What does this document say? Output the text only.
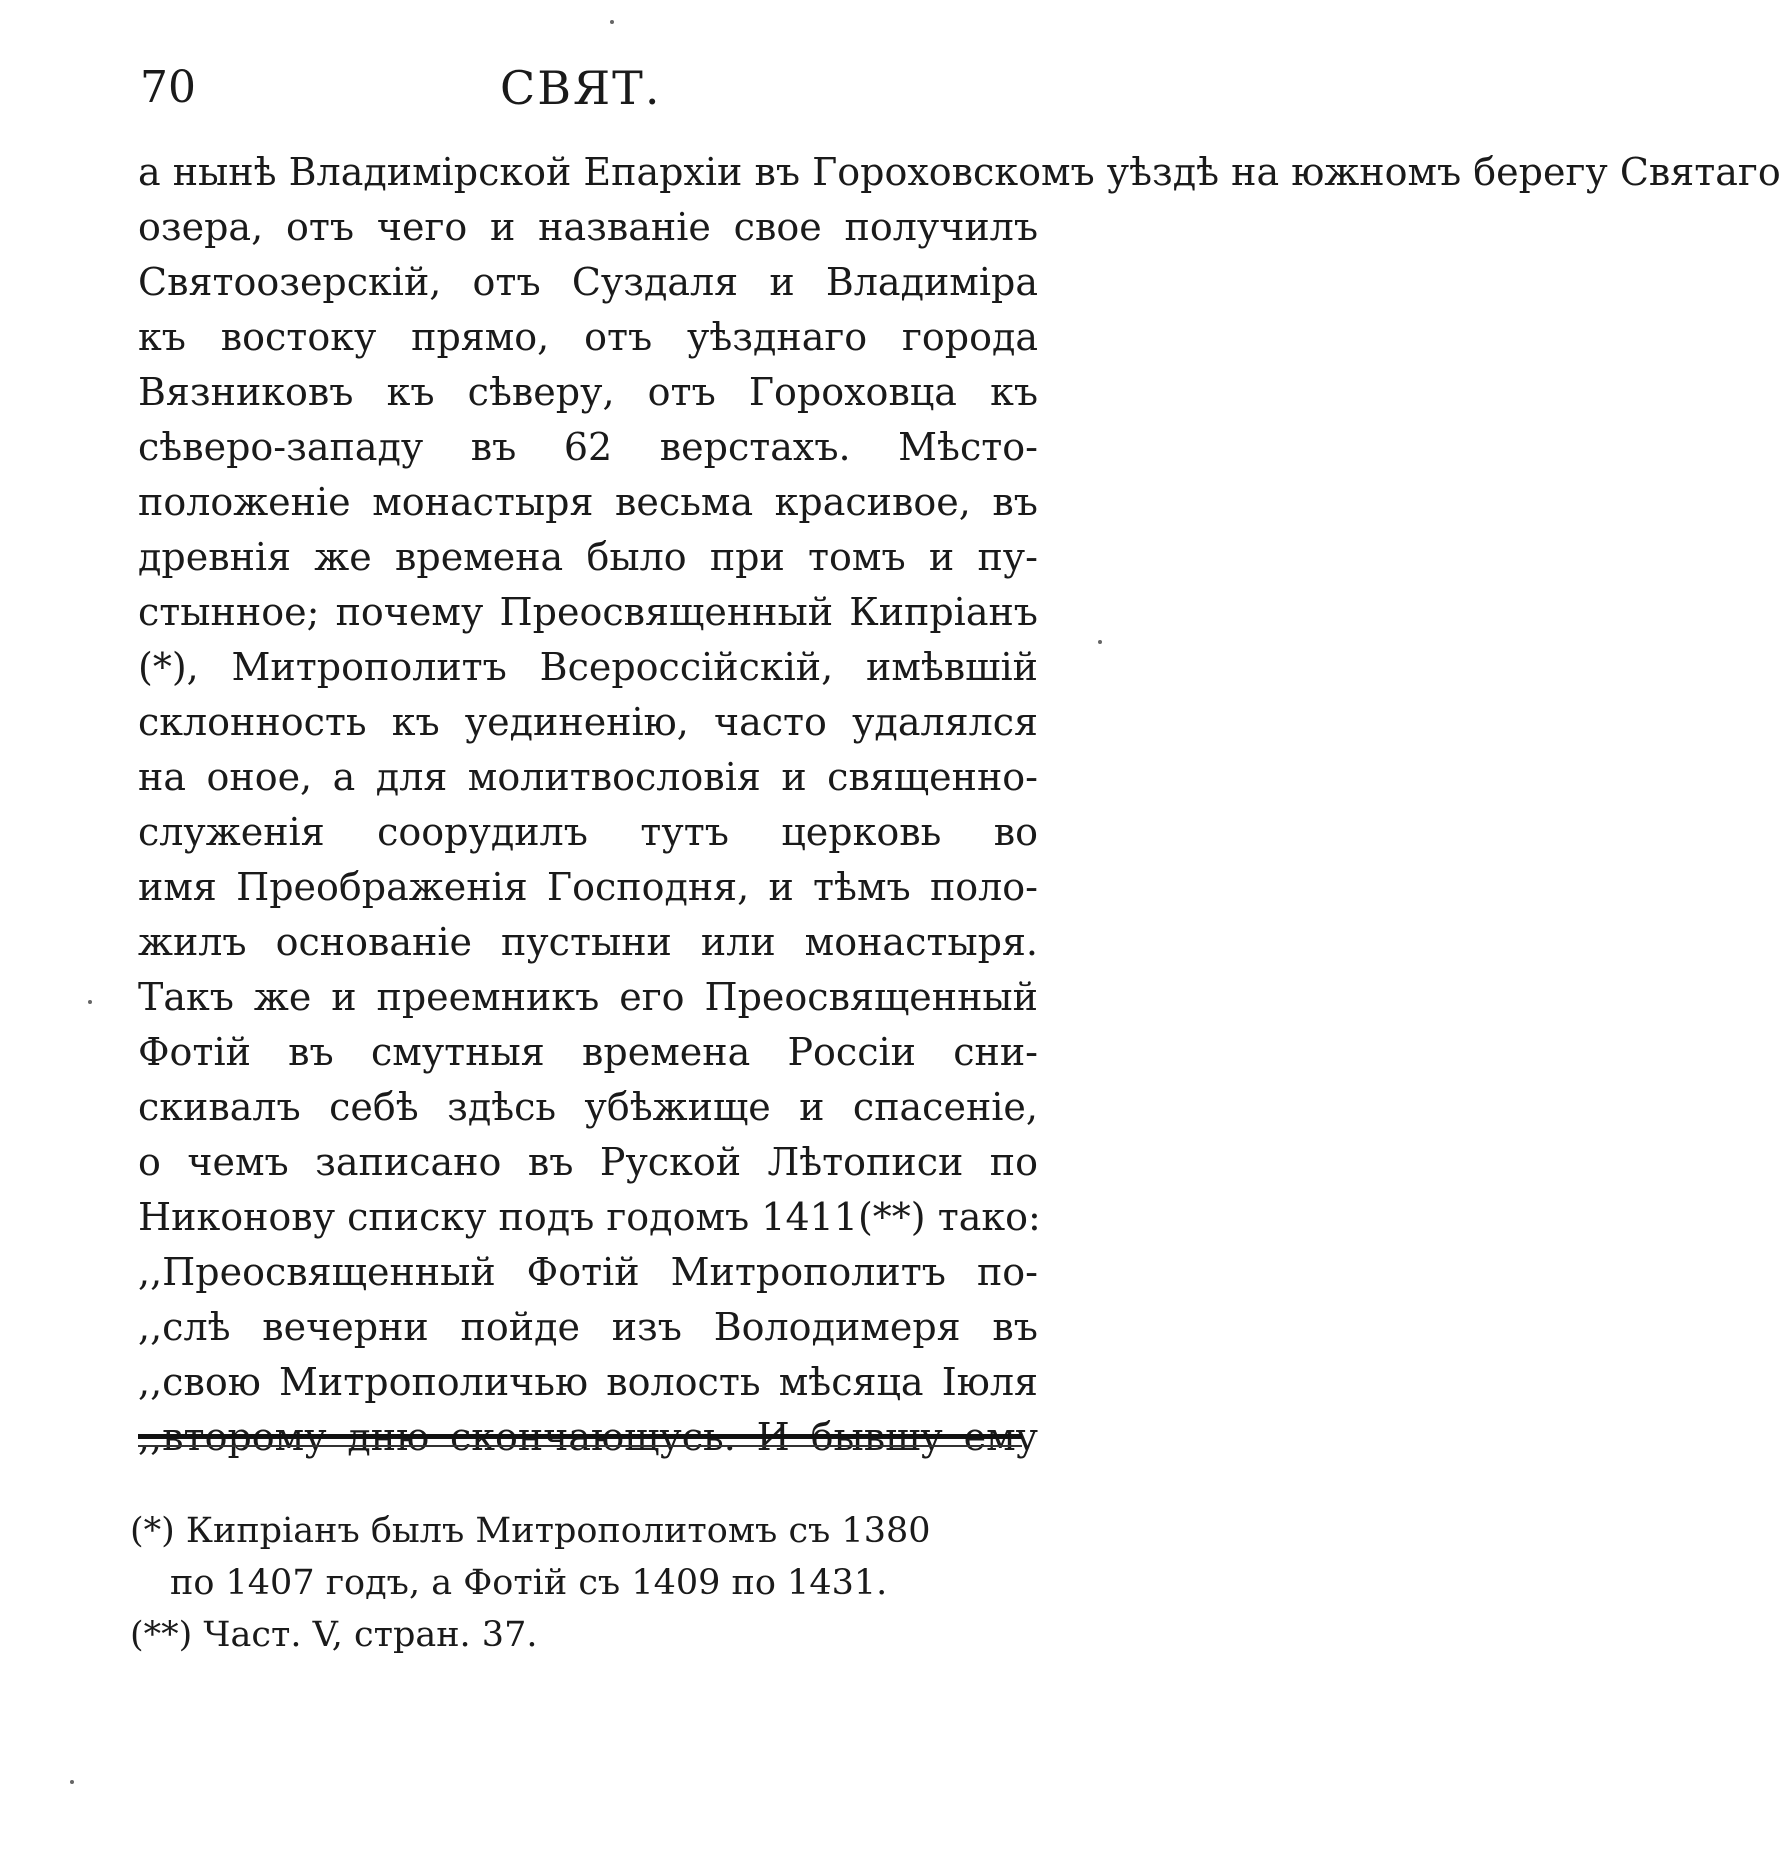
70	СВЯТ.
а нынѣ Владимірской Епархіи въ Гороховскомъ уѣздѣ на южномъ берегу Святаго
озера, отъ чего и названіе свое получилъ
Святоозерскій, отъ Суздаля и Владиміра
къ востоку прямо, отъ уѣзднаго города
Вязниковъ къ сѣверу, отъ Гороховца къ
сѣверо-западу въ 62 верстахъ. Мѣсто-
положеніе монастыря весьма красивое, въ
древнія же времена было при томъ и пу-
стынное; почему Преосвященный Кипріанъ
(*), Митрополитъ Всероссійскій, имѣвшій
склонность къ уединенію, часто удалялся
на оное, а для молитвословія и священно-
служенія соорудилъ тутъ церковь во
имя Преображенія Господня, и тѣмъ поло-
жилъ основаніе пустыни или монастыря.
Такъ же и преемникъ его Преосвященный
Фотій въ смутныя времена Россіи сни-
скивалъ себѣ здѣсь убѣжище и спасеніе,
о чемъ записано въ Руской Лѣтописи по
Никонову списку подъ годомъ 1411(**) тако:
,,Преосвященный Фотій Митрополитъ по-
,,слѣ вечерни пойде изъ Володимеря въ
,,свою Митрополичью волость мѣсяца Іюля
,,второму дню скончающусь. И бывшу ему
(*) Кипріанъ былъ Митрополитомъ съ 1380
по 1407 годъ, а Фотій съ 1409 по 1431.
(**) Част. V, стран. 37.
